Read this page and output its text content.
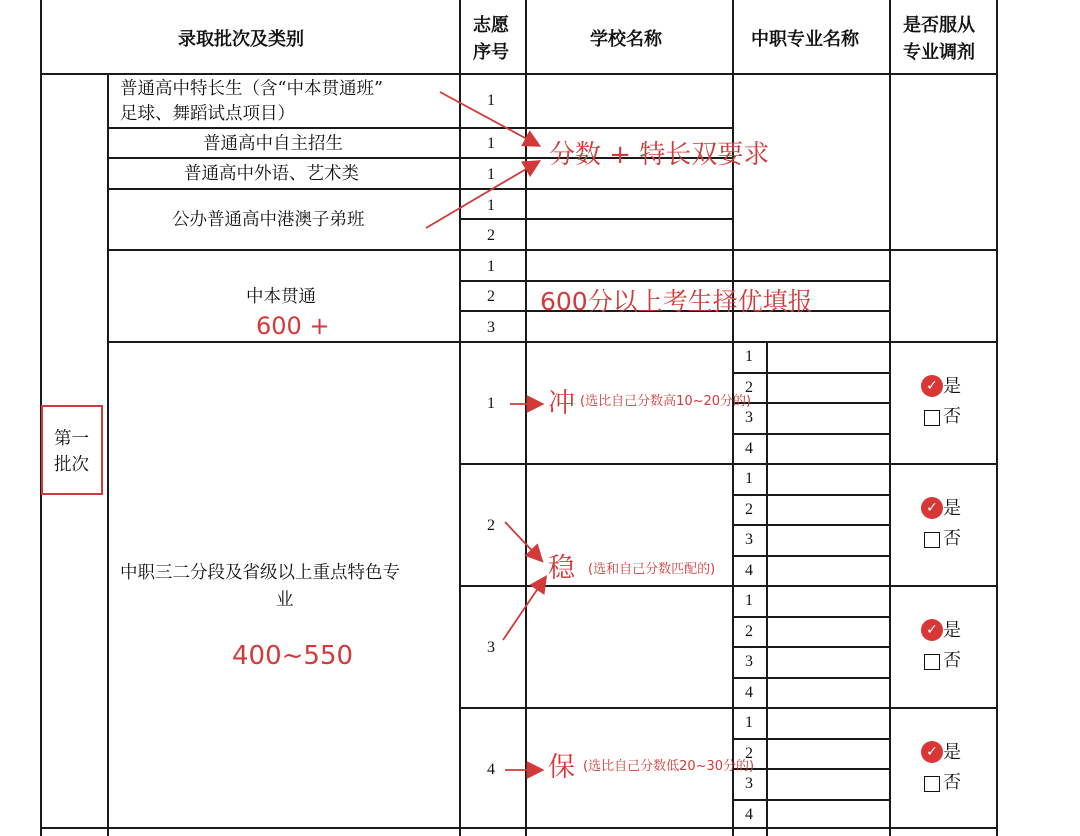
录取批次及类别
志愿
序号
学校名称	中职专业名称
是否服从
专业调剂
第一
批次
普通高中特长生（含“中本贯通班”
足球、舞蹈试点项目）
普通高中自主招生
普通高中外语、艺术类
公办普通高中港澳子弟班
中本贯通
中职三二分段及省级以上重点特色专
业
1
1
1
1
2
1
2
3
1
2
3
4
1
2
3
4
1
2
3
4
1
2
3
4
1
2
3
4
✓ 是
否
✓ 是
否
✓ 是
否
✓ 是
否
分数 + 特长双要求
600 +
600分以上考生择优填报
400~550
冲 (选比自己分数高10~20分的)
稳 (选和自己分数匹配的)
保 (选比自己分数低20~30分的)
